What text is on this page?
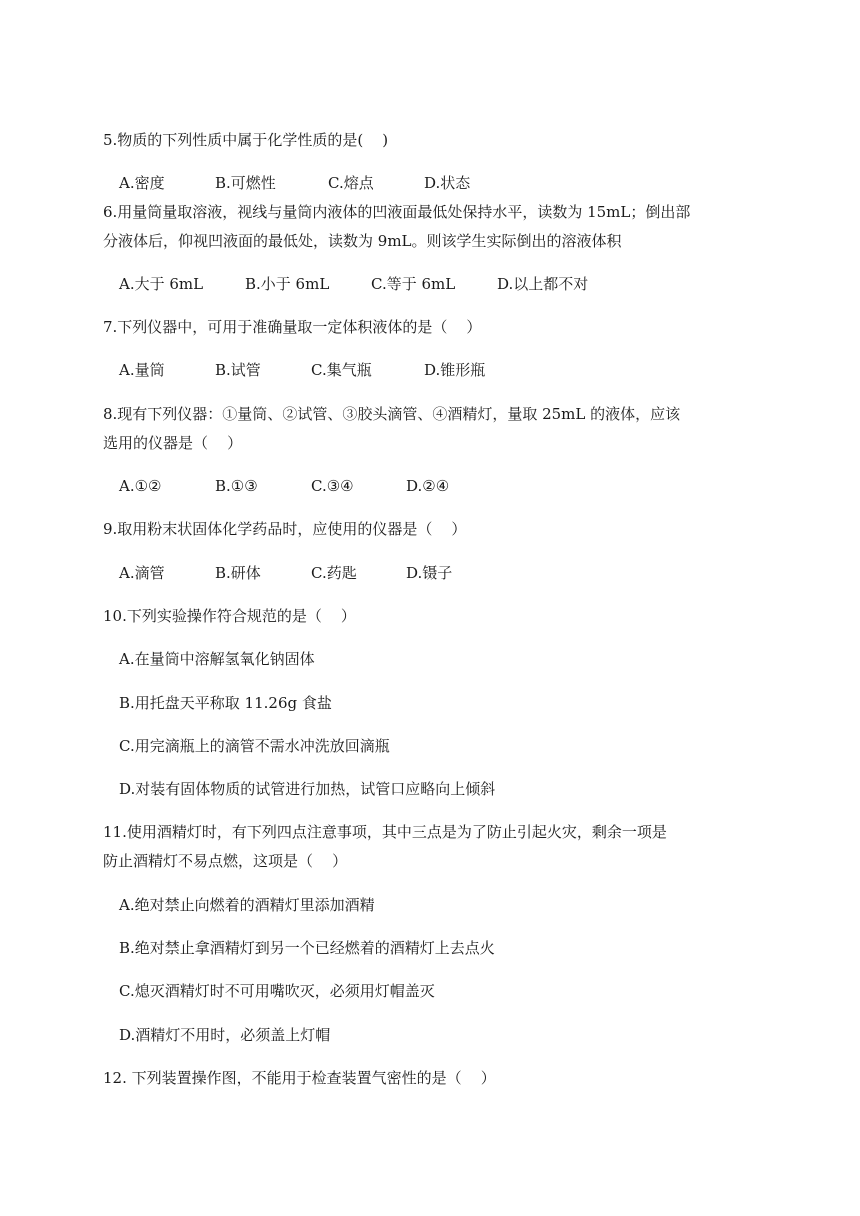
5.物质的下列性质中属于化学性质的是(    )
A.密度	B.可燃性	C.熔点	D.状态
6.用量筒量取溶液，视线与量筒内液体的凹液面最低处保持水平，读数为 15mL；倒出部
分液体后，仰视凹液面的最低处，读数为 9mL。则该学生实际倒出的溶液体积
A.大于 6mL	B.小于 6mL	C.等于 6mL	D.以上都不对
7.下列仪器中，可用于准确量取一定体积液体的是（    ）
A.量筒	B.试管	C.集气瓶	D.锥形瓶
8.现有下列仪器：①量筒、②试管、③胶头滴管、④酒精灯，量取 25mL 的液体，应该
选用的仪器是（    ）
A.①②	B.①③	C.③④	D.②④
9.取用粉末状固体化学药品时，应使用的仪器是（    ）
A.滴管	B.研体	C.药匙	D.镊子
10.下列实验操作符合规范的是（    ）
A.在量筒中溶解氢氧化钠固体
B.用托盘天平称取 11.26g 食盐
C.用完滴瓶上的滴管不需水冲洗放回滴瓶
D.对装有固体物质的试管进行加热，试管口应略向上倾斜
11.使用酒精灯时，有下列四点注意事项，其中三点是为了防止引起火灾，剩余一项是
防止酒精灯不易点燃，这项是（    ）
A.绝对禁止向燃着的酒精灯里添加酒精
B.绝对禁止拿酒精灯到另一个已经燃着的酒精灯上去点火
C.熄灭酒精灯时不可用嘴吹灭，必须用灯帽盖灭
D.酒精灯不用时，必须盖上灯帽
12. 下列装置操作图，不能用于检查装置气密性的是（    ）
